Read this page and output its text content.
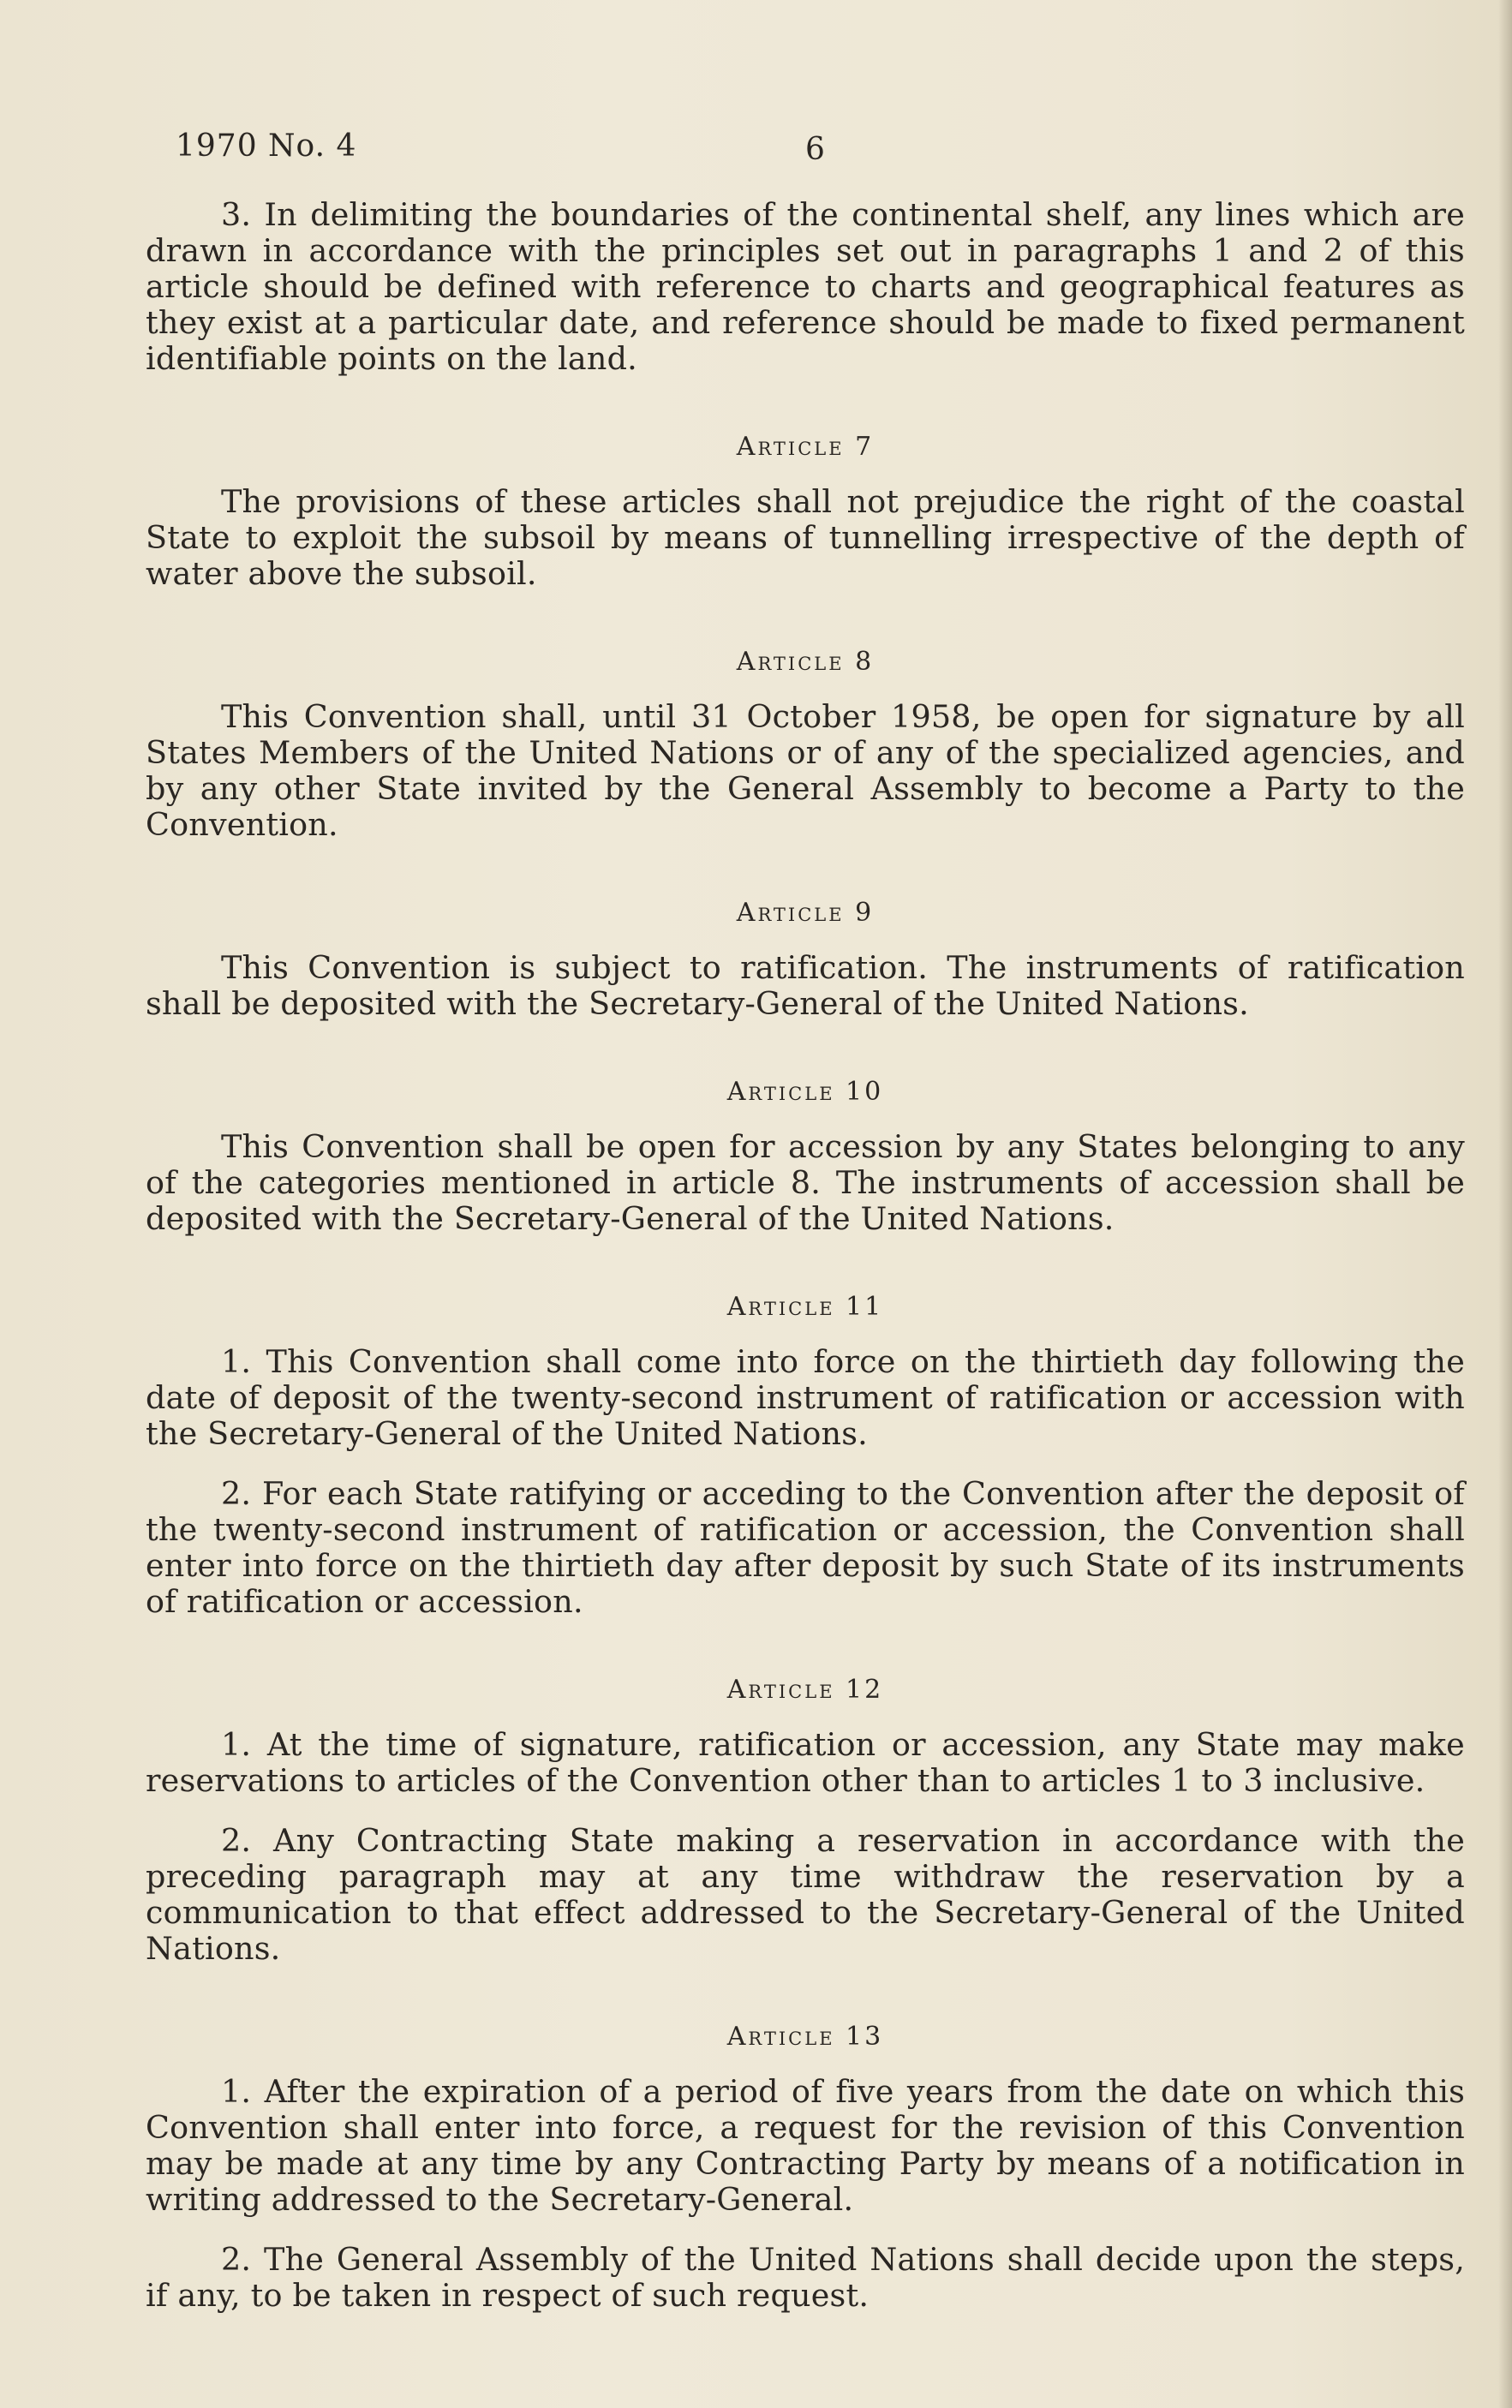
1970 No. 4	6

3. In delimiting the boundaries of the continental shelf, any lines which are drawn in accordance with the principles set out in paragraphs 1 and 2 of this article should be defined with reference to charts and geographical features as they exist at a particular date, and reference should be made to fixed permanent identifiable points on the land.

Article 7

The provisions of these articles shall not prejudice the right of the coastal State to exploit the subsoil by means of tunnelling irrespective of the depth of water above the subsoil.

Article 8

This Convention shall, until 31 October 1958, be open for signature by all States Members of the United Nations or of any of the specialized agencies, and by any other State invited by the General Assembly to become a Party to the Convention.

Article 9

This Convention is subject to ratification. The instruments of ratification shall be deposited with the Secretary-General of the United Nations.

Article 10

This Convention shall be open for accession by any States belonging to any of the categories mentioned in article 8. The instruments of accession shall be deposited with the Secretary-General of the United Nations.

Article 11

1. This Convention shall come into force on the thirtieth day following the date of deposit of the twenty-second instrument of ratification or accession with the Secretary-General of the United Nations.

2. For each State ratifying or acceding to the Convention after the deposit of the twenty-second instrument of ratification or accession, the Convention shall enter into force on the thirtieth day after deposit by such State of its instruments of ratification or accession.

Article 12

1. At the time of signature, ratification or accession, any State may make reservations to articles of the Convention other than to articles 1 to 3 inclusive.

2. Any Contracting State making a reservation in accordance with the preceding paragraph may at any time withdraw the reservation by a communication to that effect addressed to the Secretary-General of the United Nations.

Article 13

1. After the expiration of a period of five years from the date on which this Convention shall enter into force, a request for the revision of this Convention may be made at any time by any Contracting Party by means of a notification in writing addressed to the Secretary-General.

2. The General Assembly of the United Nations shall decide upon the steps, if any, to be taken in respect of such request.
